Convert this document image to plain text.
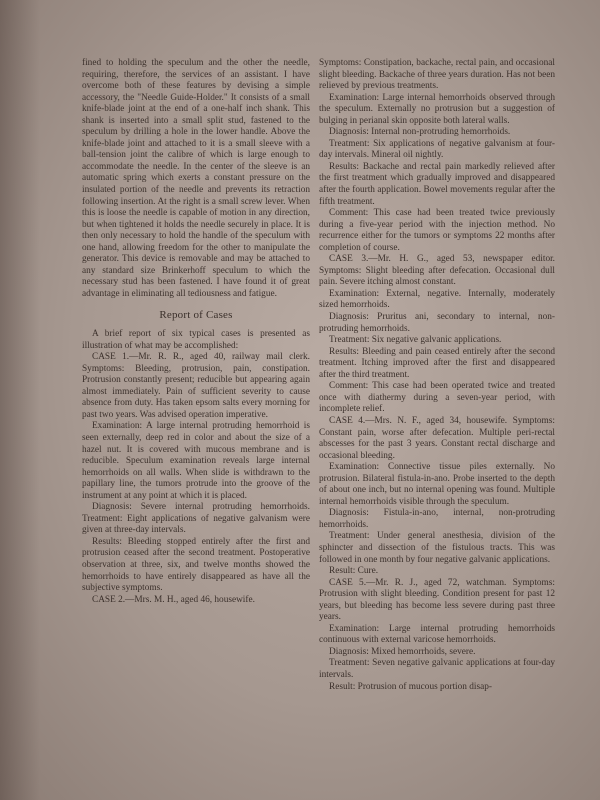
fined to holding the speculum and the other the needle, requiring, therefore, the services of an assistant. I have overcome both of these features by devising a simple accessory, the "Needle Guide-Holder." It consists of a small knife-blade joint at the end of a one-half inch shank. This shank is inserted into a small split stud, fastened to the speculum by drilling a hole in the lower handle. Above the knife-blade joint and attached to it is a small sleeve with a ball-tension joint the calibre of which is large enough to accommodate the needle. In the center of the sleeve is an automatic spring which exerts a constant pressure on the insulated portion of the needle and prevents its retraction following insertion. At the right is a small screw lever. When this is loose the needle is capable of motion in any direction, but when tightened it holds the needle securely in place. It is then only necessary to hold the handle of the speculum with one hand, allowing freedom for the other to manipulate the generator. This device is removable and may be attached to any standard size Brinkerhoff speculum to which the necessary stud has been fastened. I have found it of great advantage in eliminating all tediousness and fatigue.

Report of Cases

A brief report of six typical cases is presented as illustration of what may be accomplished:

CASE 1.—Mr. R. R., aged 40, railway mail clerk. Symptoms: Bleeding, protrusion, pain, constipation. Protrusion constantly present; reducible but appearing again almost immediately. Pain of sufficient severity to cause absence from duty. Has taken epsom salts every morning for past two years. Was advised operation imperative.

Examination: A large internal protruding hemorrhoid is seen externally, deep red in color and about the size of a hazel nut. It is covered with mucous membrane and is reducible. Speculum examination reveals large internal hemorrhoids on all walls. When slide is withdrawn to the papillary line, the tumors protrude into the groove of the instrument at any point at which it is placed.

Diagnosis: Severe internal protruding hemorrhoids. Treatment: Eight applications of negative galvanism were given at three-day intervals.

Results: Bleeding stopped entirely after the first and protrusion ceased after the second treatment. Postoperative observation at three, six, and twelve months showed the hemorrhoids to have entirely disappeared as have all the subjective symptoms.

CASE 2.—Mrs. M. H., aged 46, housewife.

Symptoms: Constipation, backache, rectal pain, and occasional slight bleeding. Backache of three years duration. Has not been relieved by previous treatments.

Examination: Large internal hemorrhoids observed through the speculum. Externally no protrusion but a suggestion of bulging in perianal skin opposite both lateral walls.

Diagnosis: Internal non-protruding hemorrhoids.

Treatment: Six applications of negative galvanism at four-day intervals. Mineral oil nightly.

Results: Backache and rectal pain markedly relieved after the first treatment which gradually improved and disappeared after the fourth application. Bowel movements regular after the fifth treatment.

Comment: This case had been treated twice previously during a five-year period with the injection method. No recurrence either for the tumors or symptoms 22 months after completion of course.

CASE 3.—Mr. H. G., aged 53, newspaper editor. Symptoms: Slight bleeding after defecation. Occasional dull pain. Severe itching almost constant.

Examination: External, negative. Internally, moderately sized hemorrhoids.

Diagnosis: Pruritus ani, secondary to internal, non-protruding hemorrhoids.

Treatment: Six negative galvanic applications.

Results: Bleeding and pain ceased entirely after the second treatment. Itching improved after the first and disappeared after the third treatment.

Comment: This case had been operated twice and treated once with diathermy during a seven-year period, with incomplete relief.

CASE 4.—Mrs. N. F., aged 34, housewife. Symptoms: Constant pain, worse after defecation. Multiple peri-rectal abscesses for the past 3 years. Constant rectal discharge and occasional bleeding.

Examination: Connective tissue piles externally. No protrusion. Bilateral fistula-in-ano. Probe inserted to the depth of about one inch, but no internal opening was found. Multiple internal hemorrhoids visible through the speculum.

Diagnosis: Fistula-in-ano, internal, non-protruding hemorrhoids.

Treatment: Under general anesthesia, division of the sphincter and dissection of the fistulous tracts. This was followed in one month by four negative galvanic applications.

Result: Cure.

CASE 5.—Mr. R. J., aged 72, watchman. Symptoms: Protrusion with slight bleeding. Condition present for past 12 years, but bleeding has become less severe during past three years.

Examination: Large internal protruding hemorrhoids continuous with external varicose hemorrhoids.

Diagnosis: Mixed hemorrhoids, severe.

Treatment: Seven negative galvanic applications at four-day intervals.

Result: Protrusion of mucous portion disap-
